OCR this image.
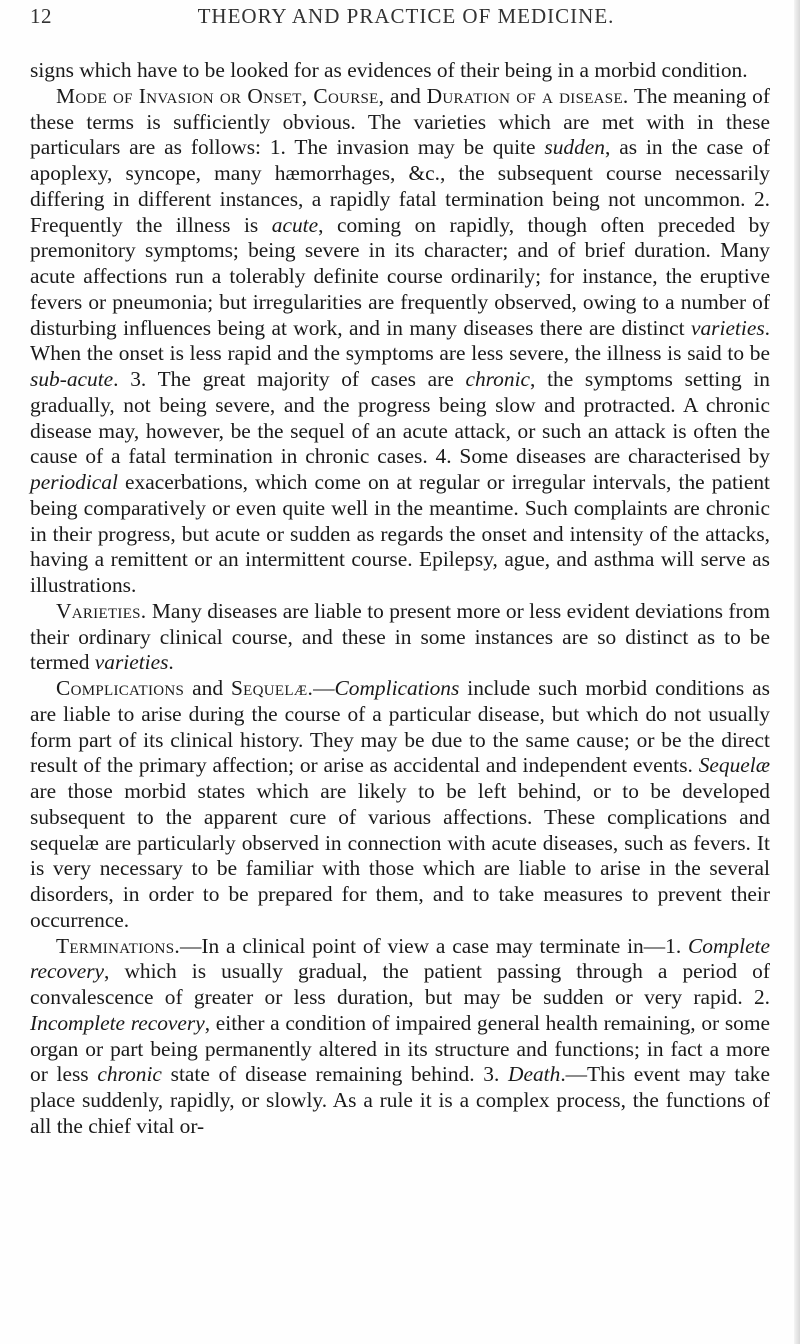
12	THEORY AND PRACTICE OF MEDICINE.

signs which have to be looked for as evidences of their being in a morbid condition.

Mode of Invasion or Onset, Course, and Duration of a disease. The meaning of these terms is sufficiently obvious. The varieties which are met with in these particulars are as follows: 1. The invasion may be quite sudden, as in the case of apoplexy, syncope, many hæmorrhages, &c., the subsequent course necessarily differing in different instances, a rapidly fatal termination being not uncommon. 2. Frequently the illness is acute, coming on rapidly, though often preceded by premonitory symptoms; being severe in its character; and of brief duration. Many acute affections run a tolerably definite course ordinarily; for instance, the eruptive fevers or pneumonia; but irregularities are frequently observed, owing to a number of disturbing influences being at work, and in many diseases there are distinct varieties. When the onset is less rapid and the symptoms are less severe, the illness is said to be sub-acute. 3. The great majority of cases are chronic, the symptoms setting in gradually, not being severe, and the progress being slow and protracted. A chronic disease may, however, be the sequel of an acute attack, or such an attack is often the cause of a fatal termination in chronic cases. 4. Some diseases are characterised by periodical exacerbations, which come on at regular or irregular intervals, the patient being comparatively or even quite well in the meantime. Such complaints are chronic in their progress, but acute or sudden as regards the onset and intensity of the attacks, having a remittent or an intermittent course. Epilepsy, ague, and asthma will serve as illustrations.

Varieties. Many diseases are liable to present more or less evident deviations from their ordinary clinical course, and these in some instances are so distinct as to be termed varieties.

Complications and Sequelæ.—Complications include such morbid conditions as are liable to arise during the course of a particular disease, but which do not usually form part of its clinical history. They may be due to the same cause; or be the direct result of the primary affection; or arise as accidental and independent events. Sequelæ are those morbid states which are likely to be left behind, or to be developed subsequent to the apparent cure of various affections. These complications and sequelæ are particularly observed in connection with acute diseases, such as fevers. It is very necessary to be familiar with those which are liable to arise in the several disorders, in order to be prepared for them, and to take measures to prevent their occurrence.

Terminations.—In a clinical point of view a case may terminate in—1. Complete recovery, which is usually gradual, the patient passing through a period of convalescence of greater or less duration, but may be sudden or very rapid. 2. Incomplete recovery, either a condition of impaired general health remaining, or some organ or part being permanently altered in its structure and functions; in fact a more or less chronic state of disease remaining behind. 3. Death.—This event may take place suddenly, rapidly, or slowly. As a rule it is a complex process, the functions of all the chief vital or-
